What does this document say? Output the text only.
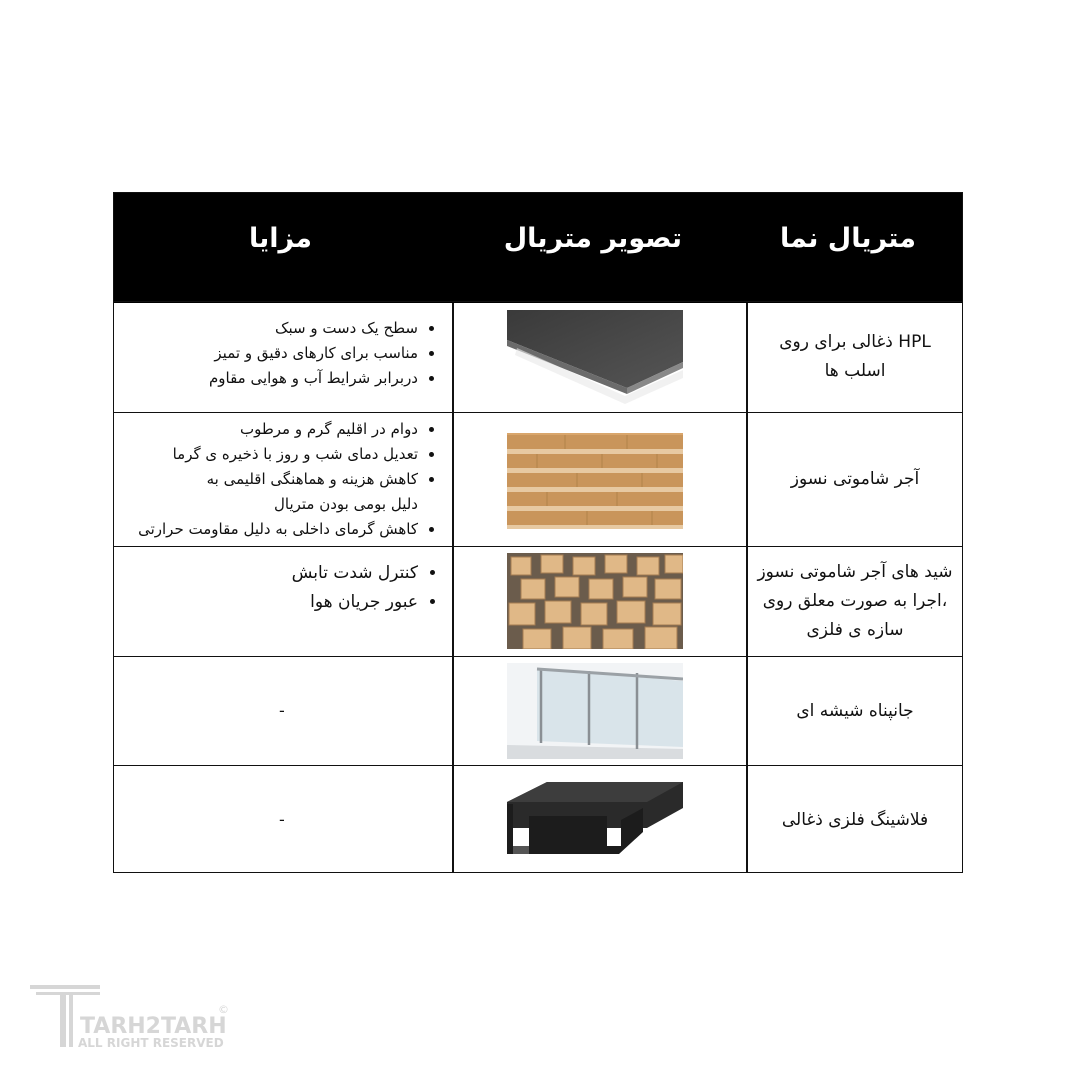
متریال نما
تصویر متریال
مزایا
HPL ذغالی برای روی اسلب ها
• سطح یک دست و سبک
• مناسب برای کارهای دقیق و تمیز
• دربرابر شرایط آب و هوایی مقاوم
آجر شاموتی نسوز
• دوام در اقلیم گرم و مرطوب
• تعدیل دمای شب و روز با ذخیره ی گرما
• کاهش هزینه و هماهنگی اقلیمی به دلیل بومی بودن متریال
• کاهش گرمای داخلی به دلیل مقاومت حرارتی
شید های آجر شاموتی نسوز ،اجرا به صورت معلق روی سازه ی فلزی
• کنترل شدت تابش
• عبور جریان هوا
جانپناه شیشه ای
-
فلاشینگ فلزی ذغالی
-
TARH2TARH
ALL RIGHT RESERVED
©
